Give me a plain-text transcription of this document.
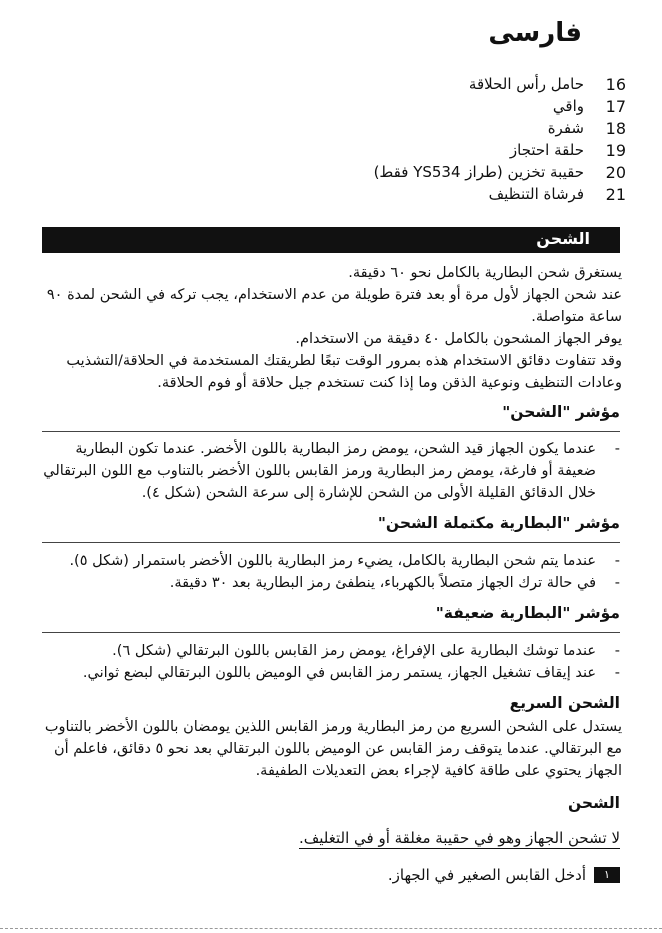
فارسی
16
حامل رأس الحلاقة
17
واقي
18
شفرة
19
حلقة احتجاز
20
حقيبة تخزين (طراز YS534 فقط)
21
فرشاة التنظيف
الشحن
يستغرق شحن البطارية بالكامل نحو ٦٠ دقيقة.
عند شحن الجهاز لأول مرة أو بعد فترة طويلة من عدم الاستخدام، يجب تركه في الشحن لمدة ٩٠ ساعة متواصلة.
يوفر الجهاز المشحون بالكامل ٤٠ دقيقة من الاستخدام.
وقد تتفاوت دقائق الاستخدام هذه بمرور الوقت تبعًا لطريقتك المستخدمة في الحلاقة/التشذيب وعادات التنظيف ونوعية الذقن وما إذا كنت تستخدم جيل حلاقة أو فوم الحلاقة.
مؤشر "الشحن"
-
عندما يكون الجهاز قيد الشحن، يومض رمز البطارية باللون الأخضر. عندما تكون البطارية ضعيفة أو فارغة، يومض رمز البطارية ورمز القابس باللون الأخضر بالتناوب مع اللون البرتقالي خلال الدقائق القليلة الأولى من الشحن للإشارة إلى سرعة الشحن (شكل ٤).
مؤشر "البطارية مكتملة الشحن"
-
عندما يتم شحن البطارية بالكامل، يضيء رمز البطارية باللون الأخضر باستمرار (شكل ٥).
-
في حالة ترك الجهاز متصلاً بالكهرباء، ينطفئ رمز البطارية بعد ٣٠ دقيقة.
مؤشر "البطارية ضعيفة"
-
عندما توشك البطارية على الإفراغ، يومض رمز القابس باللون البرتقالي (شكل ٦).
-
عند إيقاف تشغيل الجهاز، يستمر رمز القابس في الوميض باللون البرتقالي لبضع ثواني.
الشحن السريع
يستدل على الشحن السريع من رمز البطارية ورمز القابس اللذين يومضان باللون الأخضر بالتناوب مع البرتقالي. عندما يتوقف رمز القابس عن الوميض باللون البرتقالي بعد نحو ٥ دقائق، فاعلم أن الجهاز يحتوي على طاقة كافية لإجراء بعض التعديلات الطفيفة.
الشحن
لا تشحن الجهاز وهو في حقيبة مغلقة أو في التغليف.
١
أدخل القابس الصغير في الجهاز.
